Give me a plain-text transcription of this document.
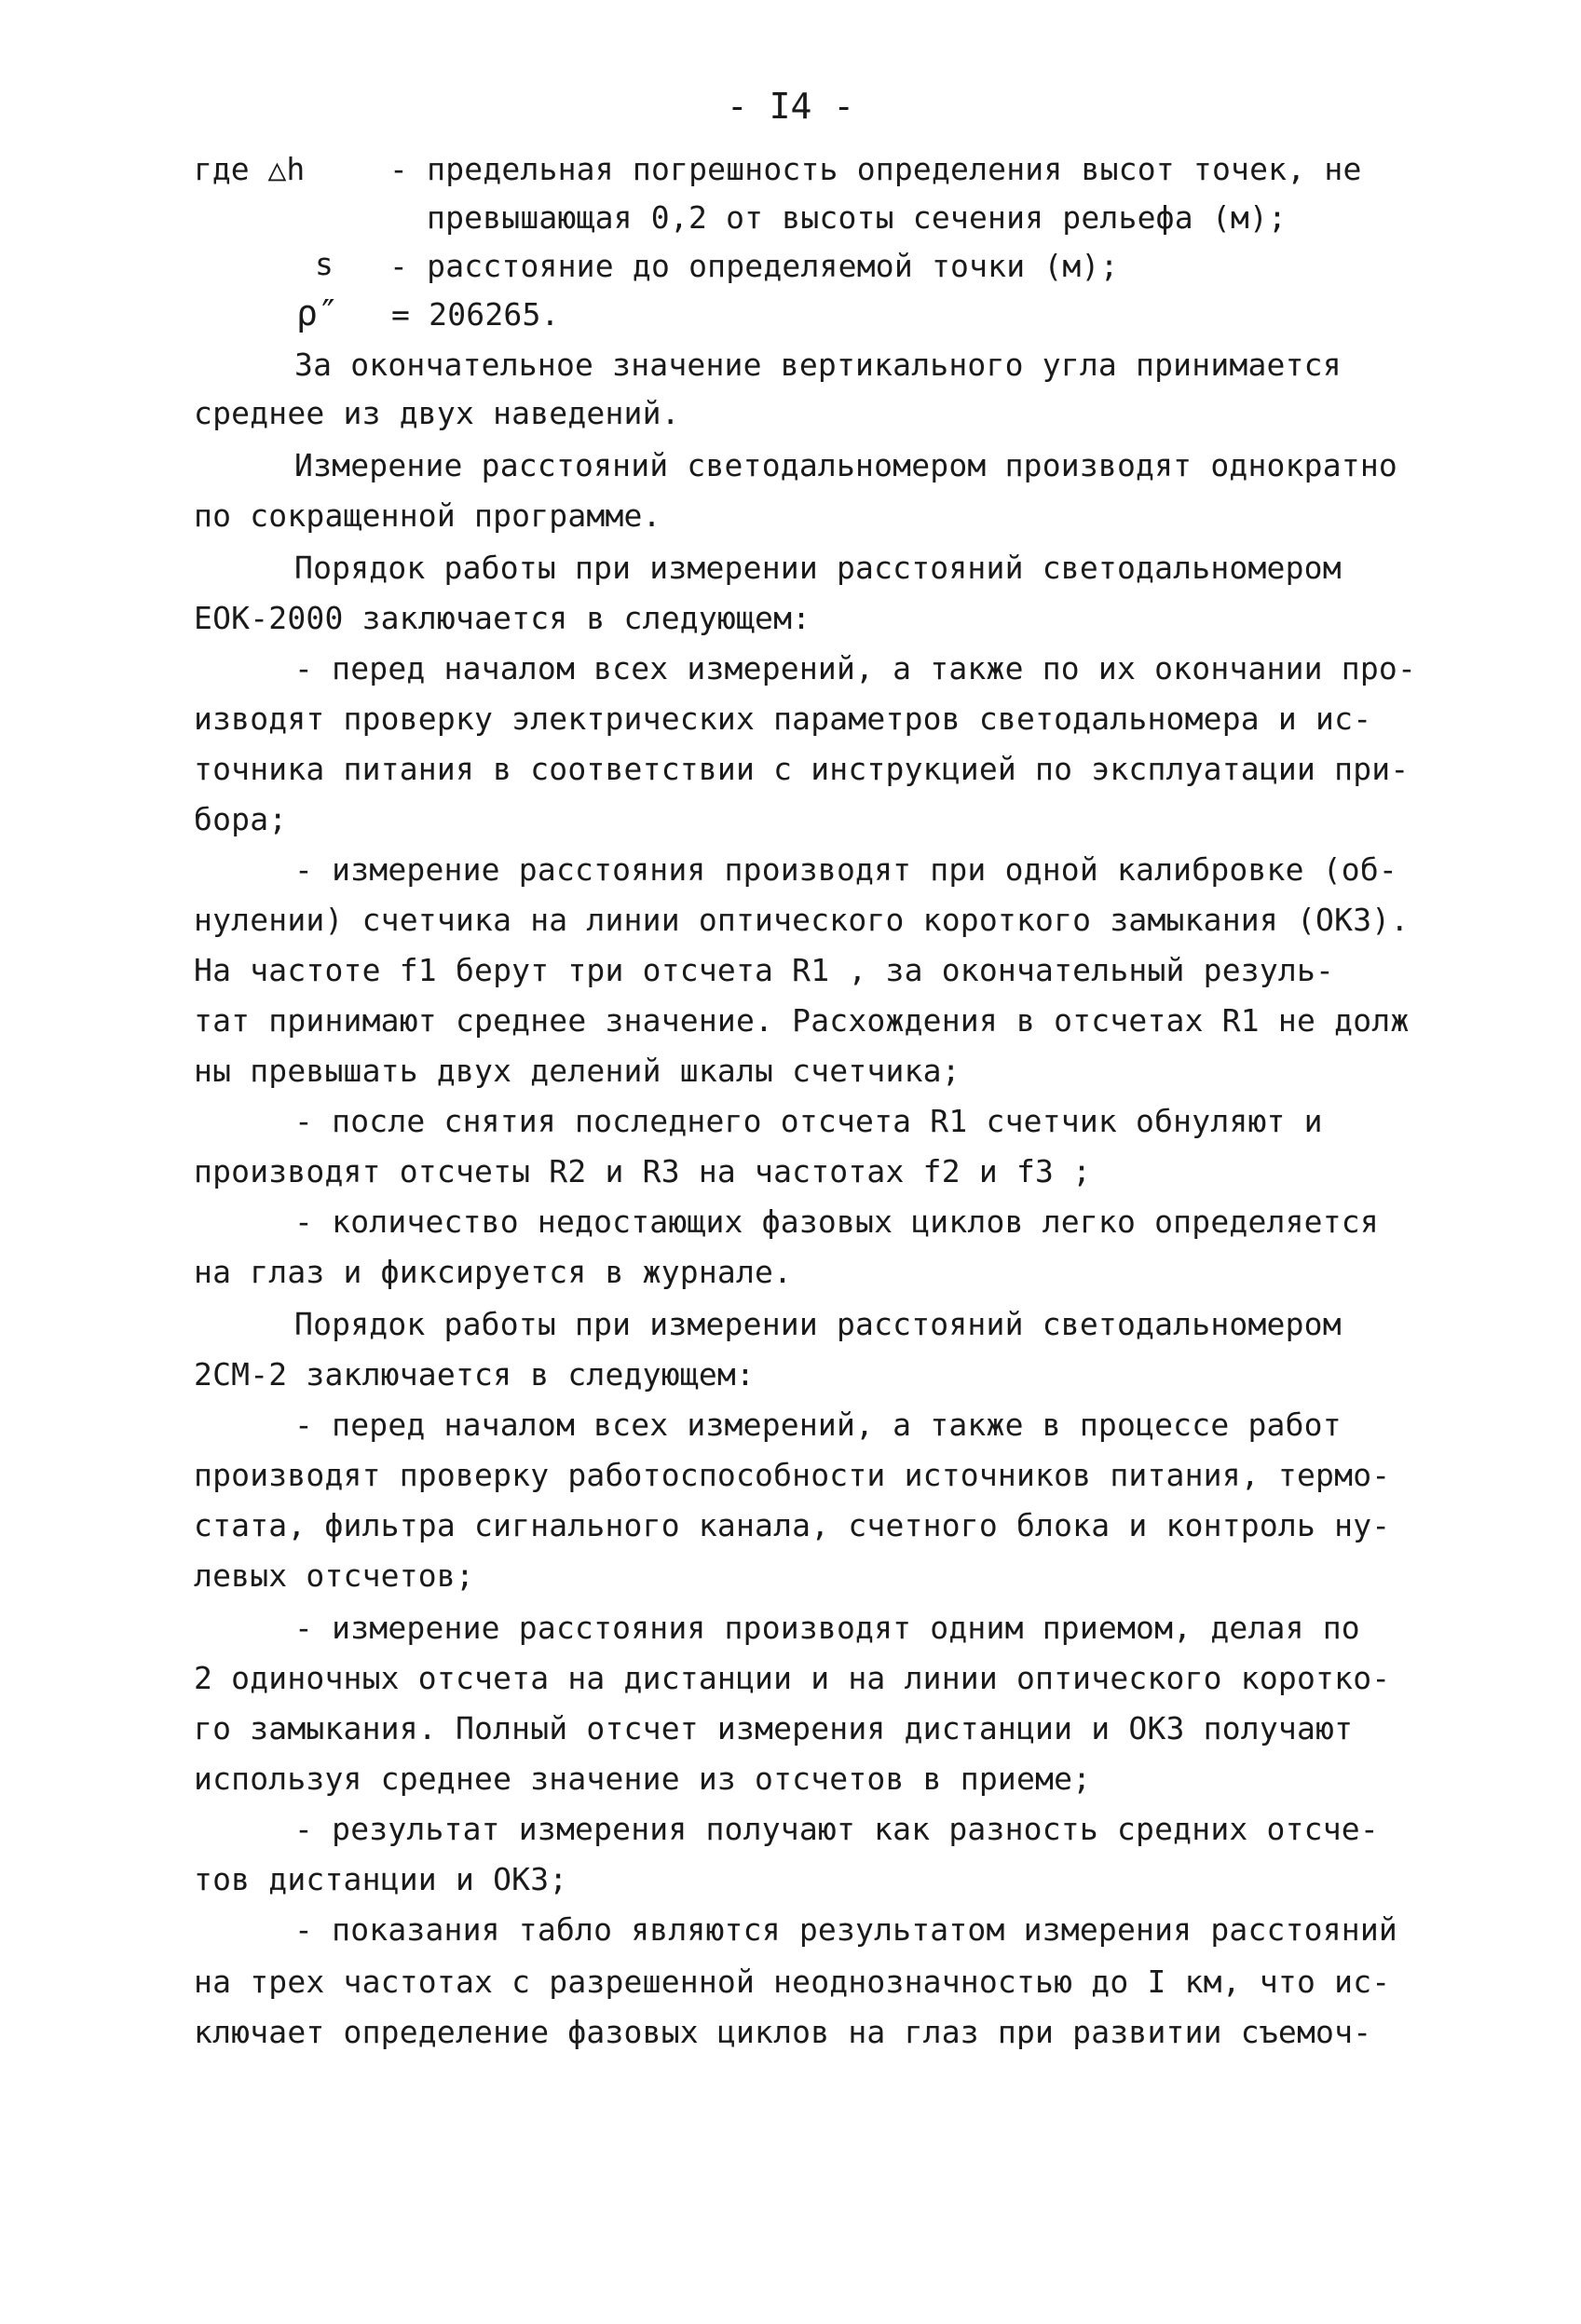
- I4 -
где △h	- предельная погрешность определения высот точек, не
превышающая 0,2 от высоты сечения рельефа (м);
s - расстояние до определяемой точки (м);
ρ″ = 206265.
За окончательное значение вертикального угла принимается
среднее из двух наведений.
Измерение расстояний светодальномером производят однократно
по сокращенной программе.
Порядок работы при измерении расстояний светодальномером
ЕОК-2000 заключается в следующем:
- перед началом всех измерений, а также по их окончании про-
изводят проверку электрических параметров светодальномера и ис-
точника питания в соответствии с инструкцией по эксплуатации при-
бора;
- измерение расстояния производят при одной калибровке (об-
нулении) счетчика на линии оптического короткого замыкания (ОКЗ).
На частоте f1 берут три отсчета R1 , за окончательный резуль-
тат принимают среднее значение. Расхождения в отсчетах R1 не долж
ны превышать двух делений шкалы счетчика;
- после снятия последнего отсчета R1 счетчик обнуляют и
производят отсчеты R2 и R3 на частотах f2 и f3 ;
- количество недостающих фазовых циклов легко определяется
на глаз и фиксируется в журнале.
Порядок работы при измерении расстояний светодальномером
2СМ-2 заключается в следующем:
- перед началом всех измерений, а также в процессе работ
производят проверку работоспособности источников питания, термо-
стата, фильтра сигнального канала, счетного блока и контроль ну-
левых отсчетов;
- измерение расстояния производят одним приемом, делая по
2 одиночных отсчета на дистанции и на линии оптического коротко-
го замыкания. Полный отсчет измерения дистанции и ОКЗ получают
используя среднее значение из отсчетов в приеме;
- результат измерения получают как разность средних отсче-
тов дистанции и ОКЗ;
- показания табло являются результатом измерения расстояний
на трех частотах с разрешенной неоднозначностью до I км, что ис-
ключает определение фазовых циклов на глаз при развитии съемоч-
